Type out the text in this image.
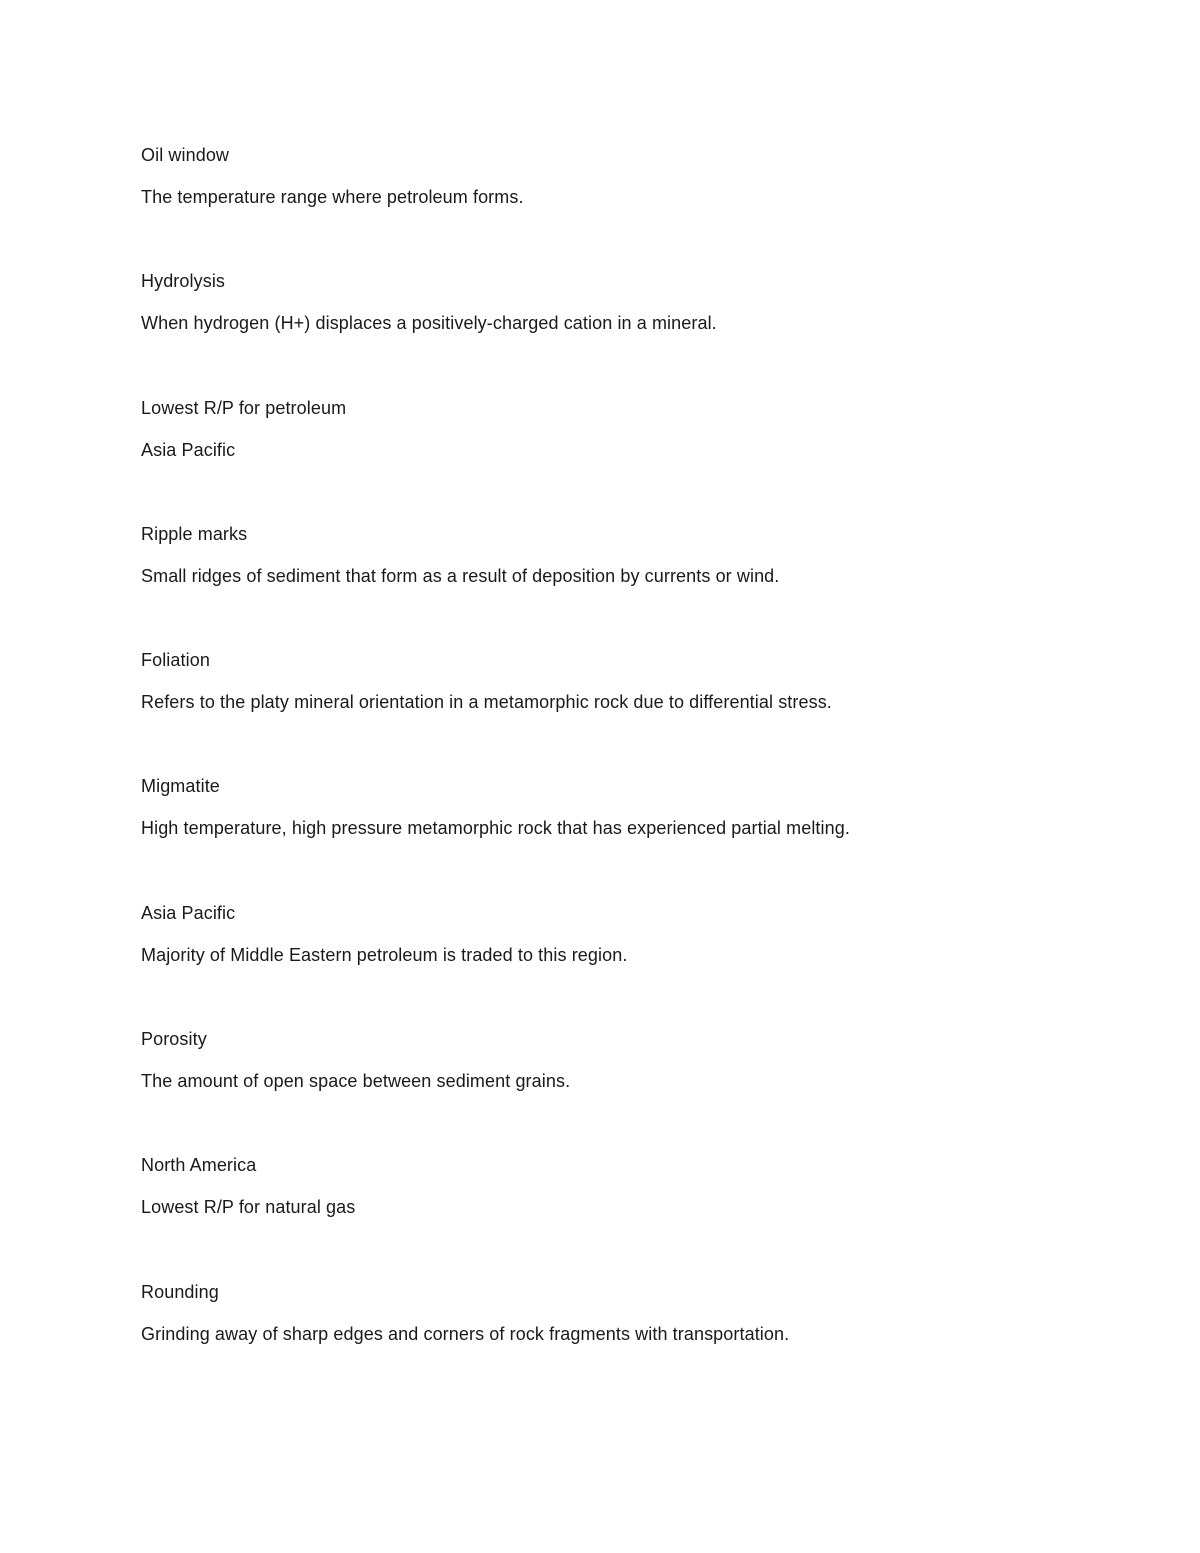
Oil window
The temperature range where petroleum forms.
Hydrolysis
When hydrogen (H+) displaces a positively-charged cation in a mineral.
Lowest R/P for petroleum
Asia Pacific
Ripple marks
Small ridges of sediment that form as a result of deposition by currents or wind.
Foliation
Refers to the platy mineral orientation in a metamorphic rock due to differential stress.
Migmatite
High temperature, high pressure metamorphic rock that has experienced partial melting.
Asia Pacific
Majority of Middle Eastern petroleum is traded to this region.
Porosity
The amount of open space between sediment grains.
North America
Lowest R/P for natural gas
Rounding
Grinding away of sharp edges and corners of rock fragments with transportation.
